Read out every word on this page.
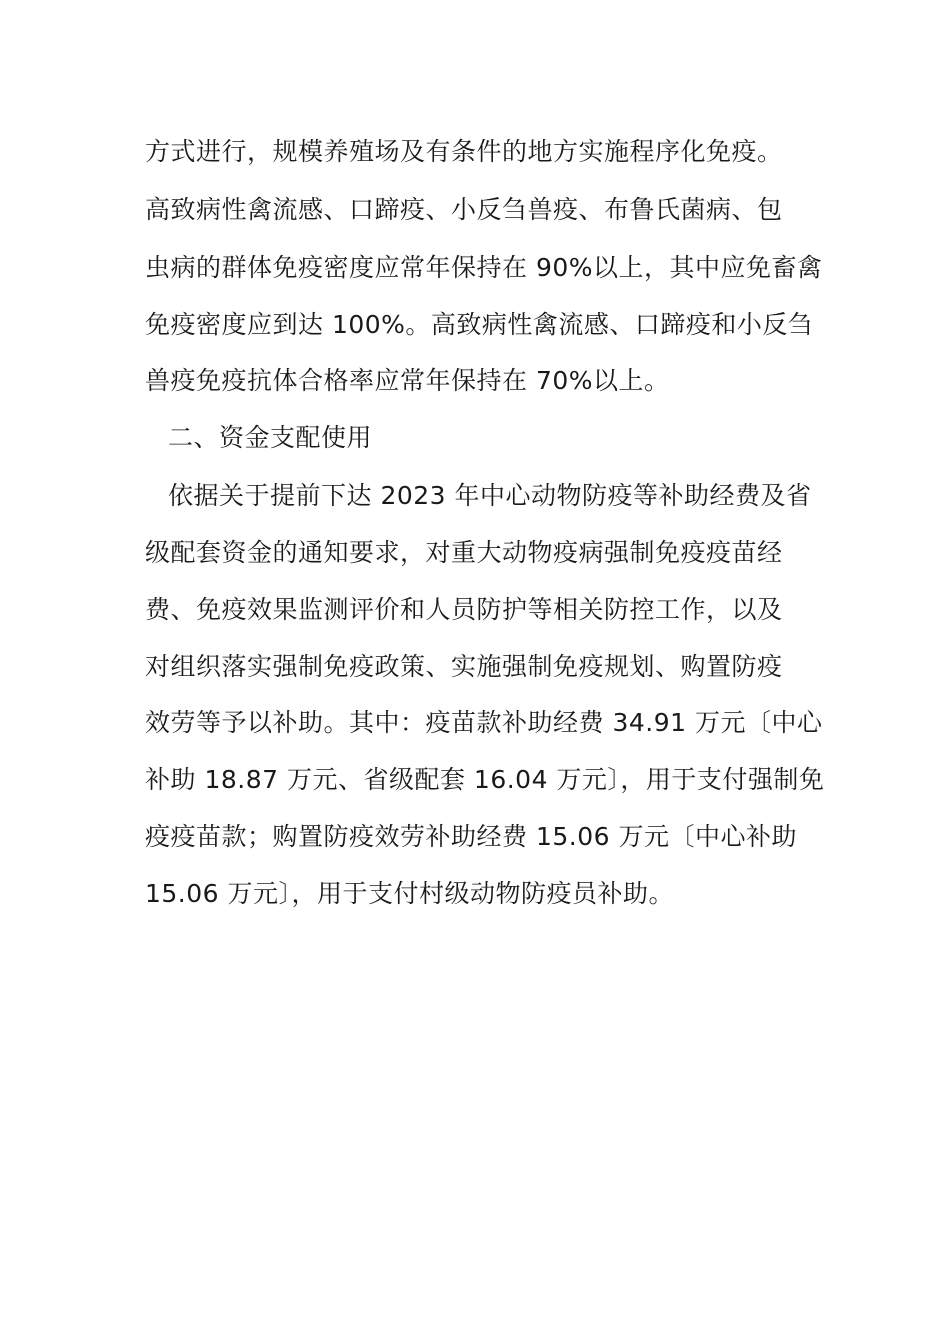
方式进行，规模养殖场及有条件的地方实施程序化免疫。
高致病性禽流感、口蹄疫、小反刍兽疫、布鲁氏菌病、包
虫病的群体免疫密度应常年保持在 90%以上，其中应免畜禽
免疫密度应到达 100%。高致病性禽流感、口蹄疫和小反刍
兽疫免疫抗体合格率应常年保持在 70%以上。
二、资金支配使用
依据关于提前下达 2023 年中心动物防疫等补助经费及省
级配套资金的通知要求，对重大动物疫病强制免疫疫苗经
费、免疫效果监测评价和人员防护等相关防控工作，以及
对组织落实强制免疫政策、实施强制免疫规划、购置防疫
效劳等予以补助。其中：疫苗款补助经费 34.91 万元〔中心
补助 18.87 万元、省级配套 16.04 万元〕，用于支付强制免
疫疫苗款；购置防疫效劳补助经费 15.06 万元〔中心补助
15.06 万元〕，用于支付村级动物防疫员补助。
